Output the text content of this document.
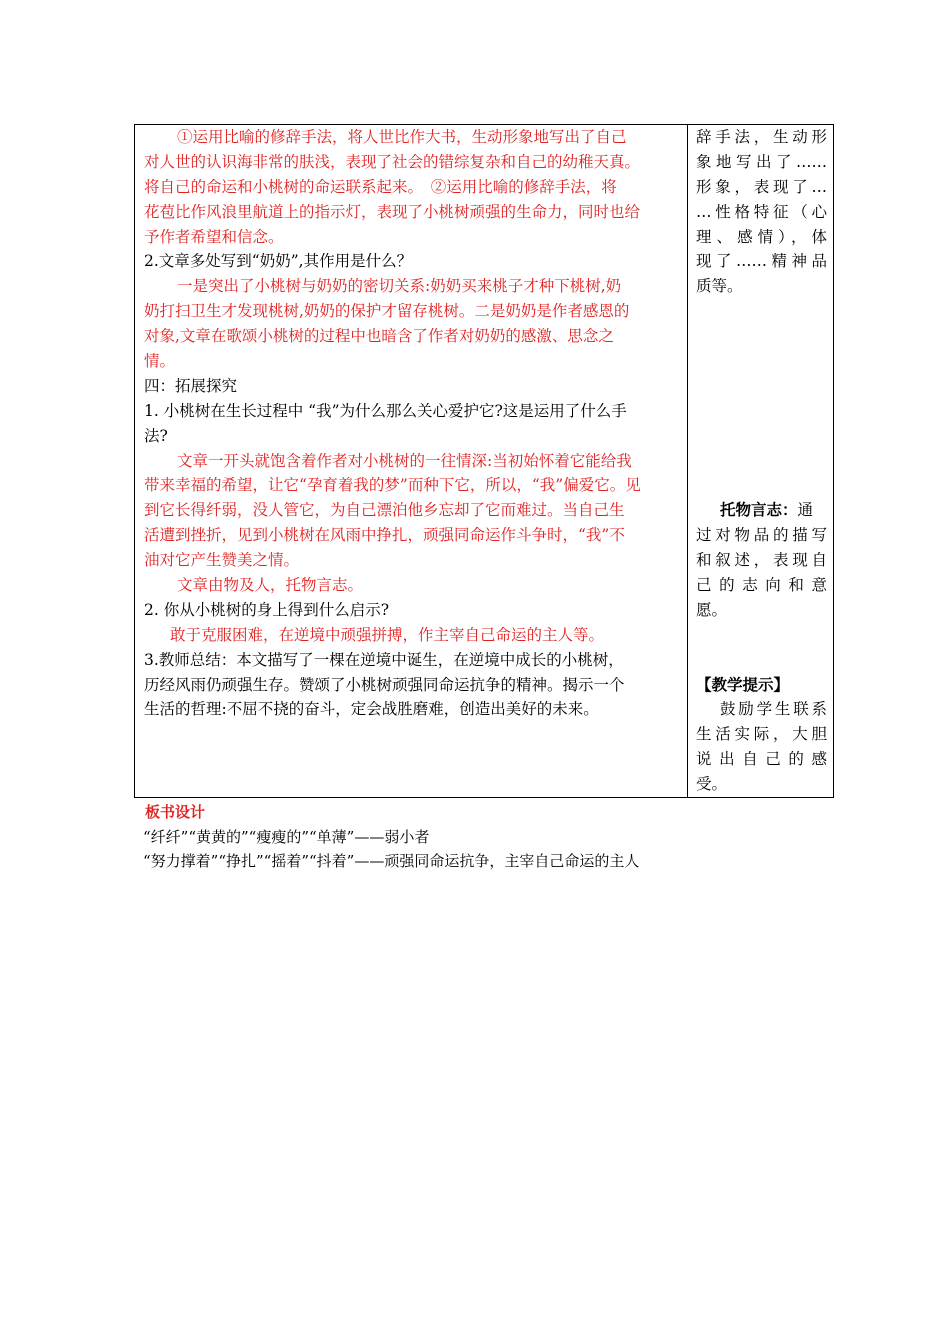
①运用比喻的修辞手法，将人世比作大书，生动形象地写出了自己
对人世的认识海非常的肤浅，表现了社会的错综复杂和自己的幼稚天真。
将自己的命运和小桃树的命运联系起来。　②运用比喻的修辞手法，将
花苞比作风浪里航道上的指示灯，表现了小桃树顽强的生命力，同时也给
予作者希望和信念。
2.文章多处写到“奶奶”,其作用是什么？
一是突出了小桃树与奶奶的密切关系:奶奶买来桃子才种下桃树,奶
奶打扫卫生才发现桃树,奶奶的保护才留存桃树。二是奶奶是作者感恩的
对象,文章在歌颂小桃树的过程中也暗含了作者对奶奶的感激、思念之
情。
四：拓展探究
1. 小桃树在生长过程中 “我”为什么那么关心爱护它?这是运用了什么手
法?
文章一开头就饱含着作者对小桃树的一往情深:当初始怀着它能给我
带来幸福的希望，让它“孕育着我的梦”而种下它，所以，“我”偏爱它。见
到它长得纤弱，没人管它，为自己漂泊他乡忘却了它而难过。当自己生
活遭到挫折，见到小桃树在风雨中挣扎，顽强同命运作斗争时，“我”不
油对它产生赞美之情。
文章由物及人，托物言志。
2. 你从小桃树的身上得到什么启示?
敢于克服困难，在逆境中顽强拼搏，作主宰自己命运的主人等。
3.教师总结：本文描写了一棵在逆境中诞生，在逆境中成长的小桃树，
历经风雨仍顽强生存。赞颂了小桃树顽强同命运抗争的精神。揭示一个
生活的哲理:不屈不挠的奋斗，定会战胜磨难，创造出美好的未来。
辞手法，生动形
象地写出了……
形象，表现了…
…性格特征（心
理、感情），体
现了……精神品
质等。
托物言志：通
过对物品的描写
和叙述，表现自
己的志向和意
愿。
【教学提示】
鼓励学生联系
生活实际，大胆
说出自己的感
受。
板书设计
“纤纤”“黄黄的”“瘦瘦的”“单薄”——弱小者
“努力撑着”“挣扎”“摇着”“抖着”——顽强同命运抗争，主宰自己命运的主人
